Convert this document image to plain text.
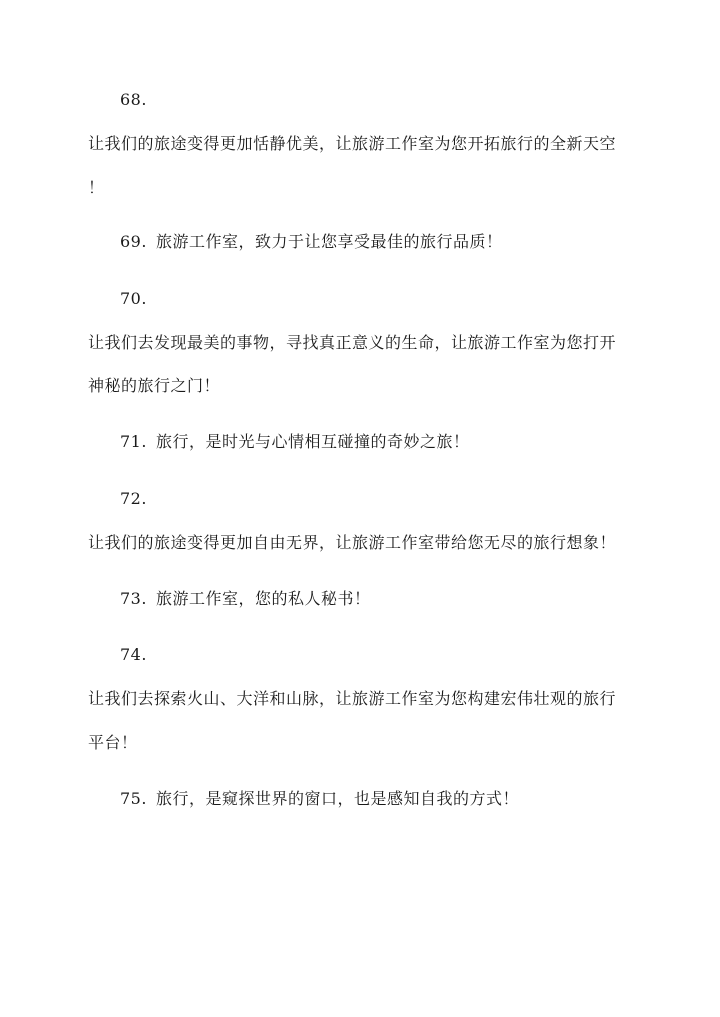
68.
让我们的旅途变得更加恬静优美，让旅游工作室为您开拓旅行的全新天空
！
69. 旅游工作室，致力于让您享受最佳的旅行品质！
70.
让我们去发现最美的事物，寻找真正意义的生命，让旅游工作室为您打开
神秘的旅行之门！
71. 旅行，是时光与心情相互碰撞的奇妙之旅！
72.
让我们的旅途变得更加自由无界，让旅游工作室带给您无尽的旅行想象！
73. 旅游工作室，您的私人秘书！
74.
让我们去探索火山、大洋和山脉，让旅游工作室为您构建宏伟壮观的旅行
平台！
75. 旅行，是窥探世界的窗口，也是感知自我的方式！
